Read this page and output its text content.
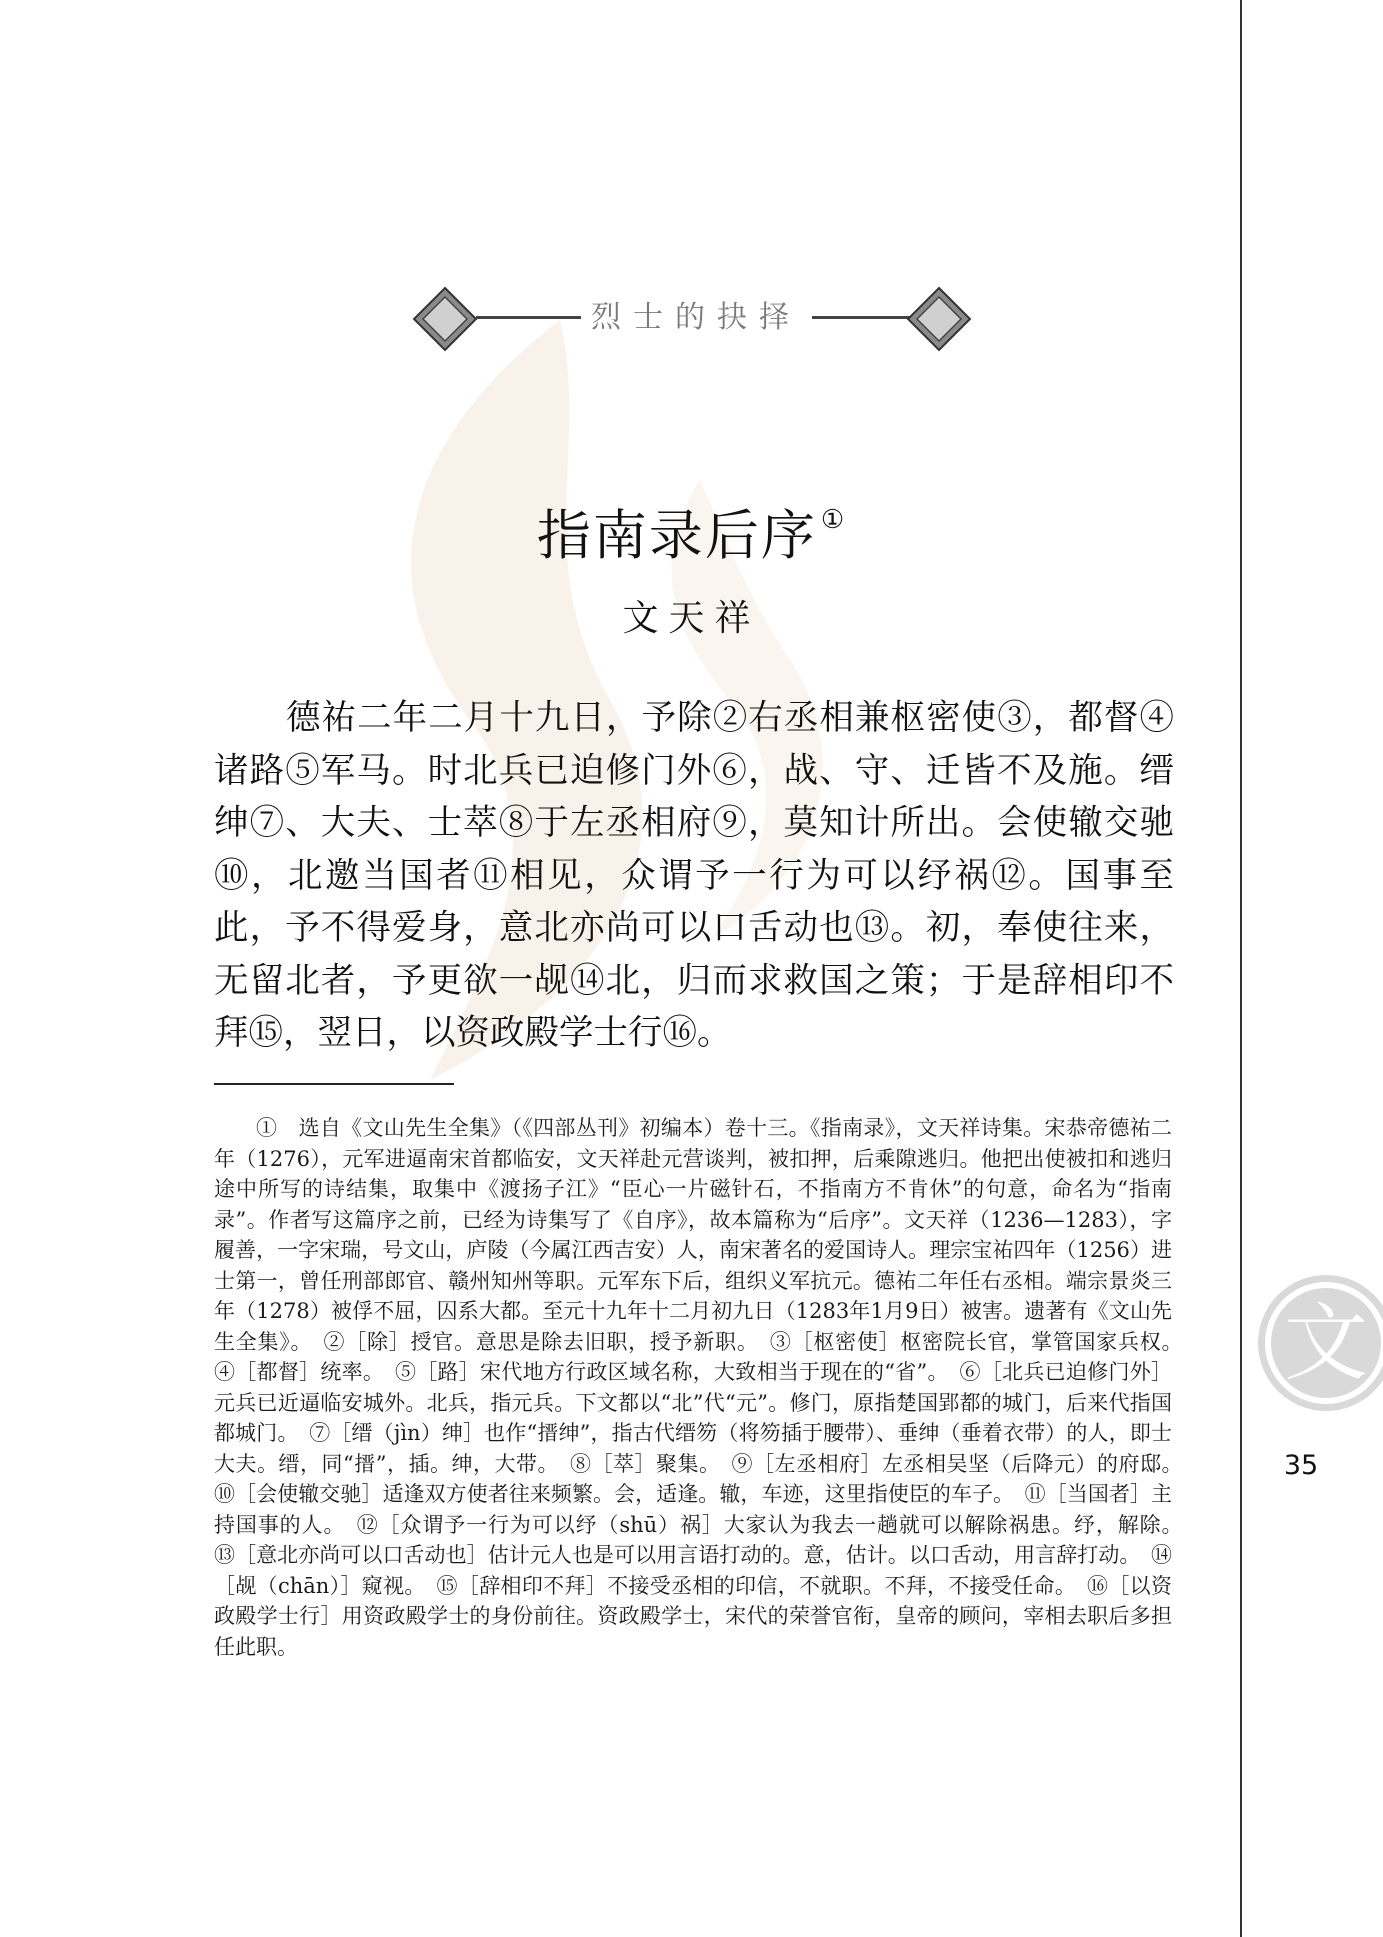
烈士的抉择
指南录后序 ①
文天祥

德祐二年二月十九日，予除②右丞相兼枢密使③，都督④诸路⑤军马。时北兵已迫修门外⑥，战、守、迁皆不及施。缙绅⑦、大夫、士萃⑧于左丞相府⑨，莫知计所出。会使辙交驰⑩，北邀当国者⑪相见，众谓予一行为可以纾祸⑫。国事至此，予不得爱身，意北亦尚可以口舌动也⑬。初，奉使往来，无留北者，予更欲一觇⑭北，归而求救国之策；于是辞相印不拜⑮，翌日，以资政殿学士行⑯。

①　选自《文山先生全集》（《四部丛刊》初编本）卷十三。《指南录》，文天祥诗集。宋恭帝德祐二年（1276），元军进逼南宋首都临安，文天祥赴元营谈判，被扣押，后乘隙逃归。他把出使被扣和逃归途中所写的诗结集，取集中《渡扬子江》“臣心一片磁针石，不指南方不肯休”的句意，命名为“指南录”。作者写这篇序之前，已经为诗集写了《自序》，故本篇称为“后序”。文天祥（1236—1283），字履善，一字宋瑞，号文山，庐陵（今属江西吉安）人，南宋著名的爱国诗人。理宗宝祐四年（1256）进士第一，曾任刑部郎官、赣州知州等职。元军东下后，组织义军抗元。德祐二年任右丞相。端宗景炎三年（1278）被俘不屈，囚系大都。至元十九年十二月初九日（1283年1月9日）被害。遗著有《文山先生全集》。　②［除］授官。意思是除去旧职，授予新职。　③［枢密使］枢密院长官，掌管国家兵权。　④［都督］统率。　⑤［路］宋代地方行政区域名称，大致相当于现在的“省”。　⑥［北兵已迫修门外］元兵已近逼临安城外。北兵，指元兵。下文都以“北”代“元”。修门，原指楚国郢都的城门，后来代指国都城门。　⑦［缙（jìn）绅］也作“搢绅”，指古代缙笏（将笏插于腰带）、垂绅（垂着衣带）的人，即士大夫。缙，同“搢”，插。绅，大带。　⑧［萃］聚集。　⑨［左丞相府］左丞相吴坚（后降元）的府邸。　⑩［会使辙交驰］适逢双方使者往来频繁。会，适逢。辙，车迹，这里指使臣的车子。　⑪［当国者］主持国事的人。　⑫［众谓予一行为可以纾（shū）祸］大家认为我去一趟就可以解除祸患。纾，解除。　⑬［意北亦尚可以口舌动也］估计元人也是可以用言语打动的。意，估计。以口舌动，用言辞打动。　⑭［觇（chān）］窥视。　⑮［辞相印不拜］不接受丞相的印信，不就职。不拜，不接受任命。　⑯［以资政殿学士行］用资政殿学士的身份前往。资政殿学士，宋代的荣誉官衔，皇帝的顾问，宰相去职后多担任此职。

文
35
